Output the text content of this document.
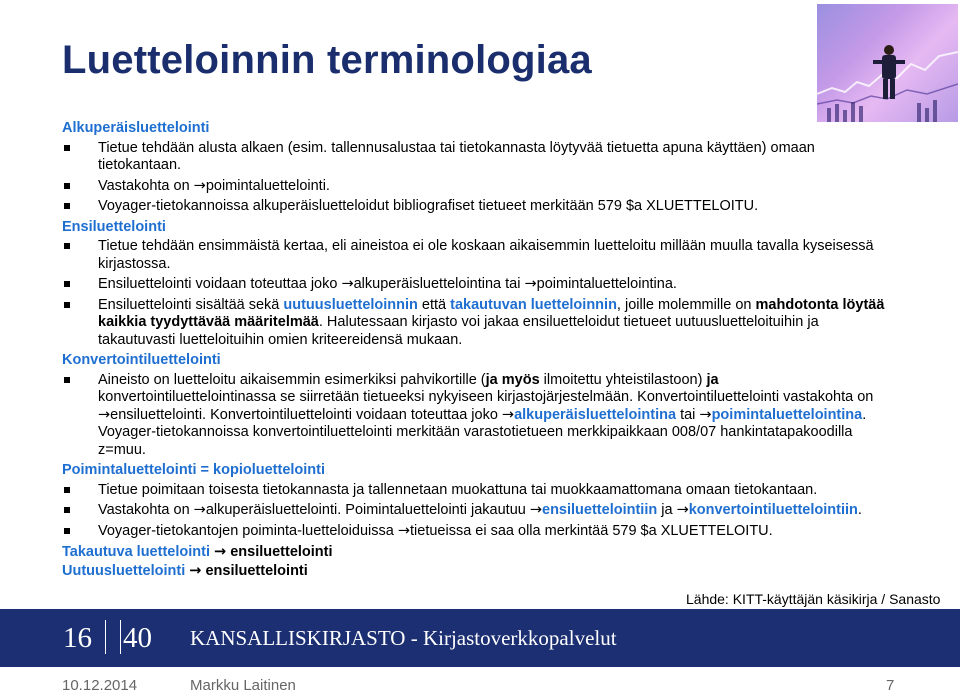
Luetteloinnin terminologiaa
Alkuperäisluettelointi
Tietue tehdään alusta alkaen (esim. tallennusalustaa tai tietokannasta löytyvää tietuetta apuna käyttäen) omaan tietokantaan.
Vastakohta on →poimintaluettelointi.
Voyager-tietokannoissa alkuperäisluetteloidut bibliografiset tietueet merkitään 579 $a XLUETTELOITU.
Ensiluettelointi
Tietue tehdään ensimmäistä kertaa, eli aineistoa ei ole koskaan aikaisemmin luetteloitu millään muulla tavalla kyseisessä kirjastossa.
Ensiluettelointi voidaan toteuttaa joko →alkuperäisluettelointina tai →poimintaluettelointina.
Ensiluettelointi sisältää sekä uutuusluetteloinnin että takautuvan luetteloinnin, joille molemmille on mahdotonta löytää kaikkia tyydyttävää määritelmää. Halutessaan kirjasto voi jakaa ensiluetteloidut tietueet uutuusluetteloituihin ja takautuvasti luetteloituihin omien kriteereidensä mukaan.
Konvertointiluettelointi
Aineisto on luetteloitu aikaisemmin esimerkiksi pahvikortille (ja myös ilmoitettu yhteistilastoon) ja konvertointiluettelointinassa se siirretään tietueeksi nykyiseen kirjastojärjestelmään. Konvertointiluettelointi vastakohta on →ensiluettelointi. Konvertointiluettelointi voidaan toteuttaa joko →alkuperäisluettelointina tai →poimintaluettelointina. Voyager-tietokannoissa konvertointiluettelointi merkitään varastotietueen merkkipaikkaan 008/07 hankintatapakoodilla z=muu.
Poimintaluettelointi = kopioluettelointi
Tietue poimitaan toisesta tietokannasta ja tallennetaan muokattuna tai muokkaamattomana omaan tietokantaan.
Vastakohta on →alkuperäisluettelointi. Poimintaluettelointi jakautuu →ensiluettelointiin ja →konvertointiluettelointiin.
Voyager-tietokantojen poiminta-luetteloiduissa →tietueissa ei saa olla merkintää 579 $a XLUETTELOITU.
Takautuva luettelointi → ensiluettelointi
Uutuusluettelointi → ensiluettelointi
Lähde: KITT-käyttäjän käsikirja / Sanasto
16 40 KANSALLISKIRJASTO - Kirjastoverkkopalvelut
10.12.2014	Markku Laitinen	7
